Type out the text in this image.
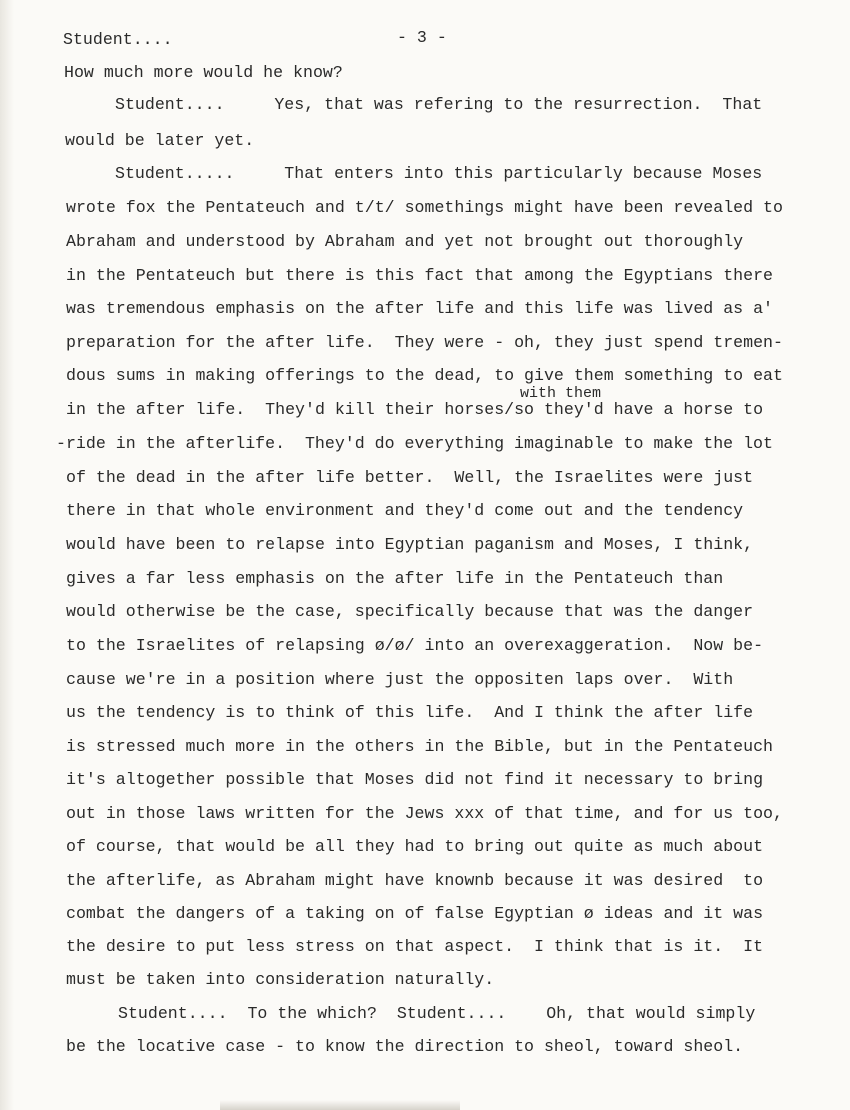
Student....	- 3 -
How much more would he know?
Student....     Yes, that was refering to the resurrection.  That
would be later yet.
Student.....     That enters into this particularly because Moses
wrote fox the Pentateuch and t/t/ somethings might have been revealed to
Abraham and understood by Abraham and yet not brought out thoroughly
in the Pentateuch but there is this fact that among the Egyptians there
was tremendous emphasis on the after life and this life was lived as a'
preparation for the after life.  They were - oh, they just spend tremen-
dous sums in making offerings to the dead, to give them something to eat
with them
in the after life.  They'd kill their horses/so they'd have a horse to
-ride in the afterlife.  They'd do everything imaginable to make the lot
of the dead in the after life better.  Well, the Israelites were just
there in that whole environment and they'd come out and the tendency
would have been to relapse into Egyptian paganism and Moses, I think,
gives a far less emphasis on the after life in the Pentateuch than
would otherwise be the case, specifically because that was the danger
to the Israelites of relapsing ø/ø/ into an overexaggeration.  Now be-
cause we're in a position where just the oppositen laps over.  With
us the tendency is to think of this life.  And I think the after life
is stressed much more in the others in the Bible, but in the Pentateuch
it's altogether possible that Moses did not find it necessary to bring
out in those laws written for the Jews xxx of that time, and for us too,
of course, that would be all they had to bring out quite as much about
the afterlife, as Abraham might have knownb because it was desired  to
combat the dangers of a taking on of false Egyptian ø ideas and it was
the desire to put less stress on that aspect.  I think that is it.  It
must be taken into consideration naturally.
Student....  To the which?  Student....    Oh, that would simply
be the locative case - to know the direction to sheol, toward sheol.
